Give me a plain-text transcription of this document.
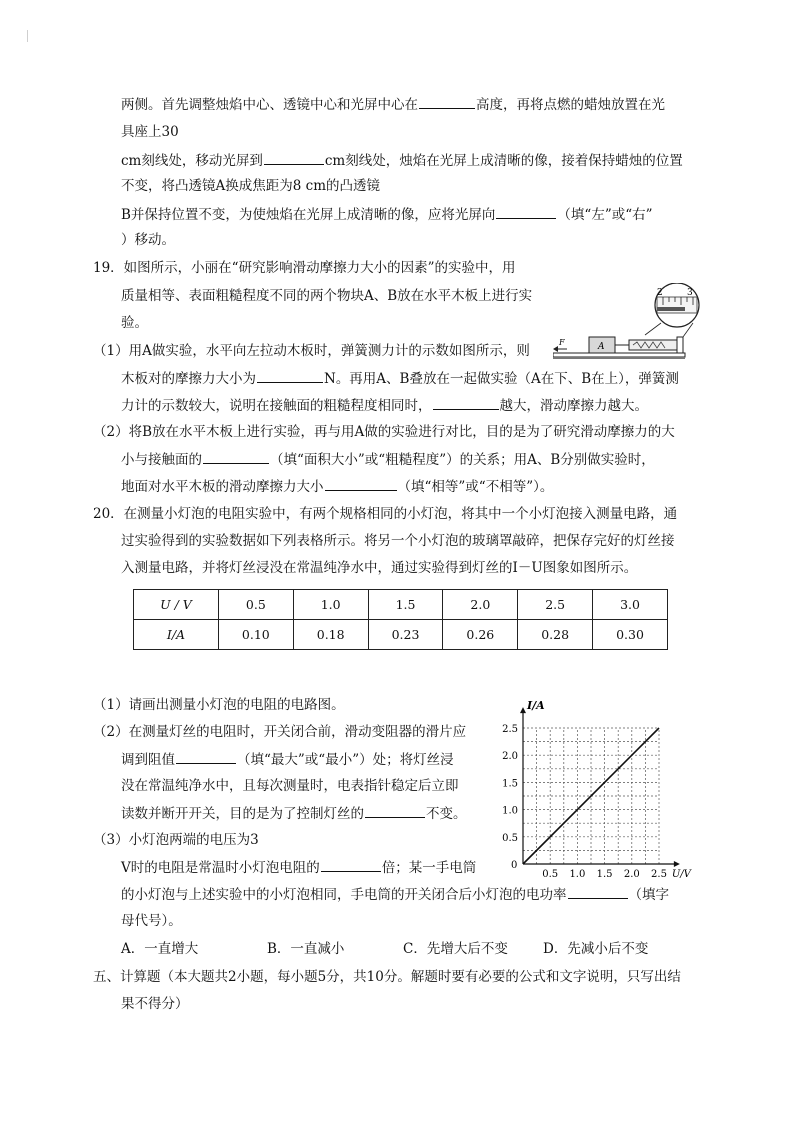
两侧。首先调整烛焰中心、透镜中心和光屏中心在	高度，再将点燃的蜡烛放置在光
具座上30
cm刻线处，移动光屏到	cm刻线处，烛焰在光屏上成清晰的像，接着保持蜡烛的位置
不变，将凸透镜A换成焦距为8 cm的凸透镜
B并保持位置不变，为使烛焰在光屏上成清晰的像，应将光屏向	（填“左”或“右”
）移动。
19．如图所示，小丽在“研究影响滑动摩擦力大小的因素”的实验中，用
质量相等、表面粗糙程度不同的两个物块A、B放在水平木板上进行实
验。
2	3
F	A
（1）用A做实验，水平向左拉动木板时，弹簧测力计的示数如图所示，则
木板对的摩擦力大小为	N。再用A、B叠放在一起做实验（A在下、B在上），弹簧测
力计的示数较大，说明在接触面的粗糙程度相同时，	越大，滑动摩擦力越大。
（2）将B放在水平木板上进行实验，再与用A做的实验进行对比，目的是为了研究滑动摩擦力的大
小与接触面的	（填“面积大小”或“粗糙程度”）的关系；用A、B分别做实验时，
地面对水平木板的滑动摩擦力大小	（填“相等”或“不相等”）。
20．在测量小灯泡的电阻实验中，有两个规格相同的小灯泡，将其中一个小灯泡接入测量电路，通
过实验得到的实验数据如下列表格所示。将另一个小灯泡的玻璃罩敲碎，把保存完好的灯丝接
入测量电路，并将灯丝浸没在常温纯净水中，通过实验得到灯丝的I－U图象如图所示。
U / V	0.5	1.0	1.5	2.0	2.5	3.0
I/A	0.10	0.18	0.23	0.26	0.28	0.30
（1）请画出测量小灯泡的电阻的电路图。
（2）在测量灯丝的电阻时，开关闭合前，滑动变阻器的滑片应
调到阻值	（填“最大”或“最小”）处；将灯丝浸
没在常温纯净水中，且每次测量时，电表指针稳定后立即
读数并断开开关，目的是为了控制灯丝的	不变。
（3）小灯泡两端的电压为3
V时的电阻是常温时小灯泡电阻的	倍；某一手电筒
的小灯泡与上述实验中的小灯泡相同，手电筒的开关闭合后小灯泡的电功率	（填字
母代号）。
A．一直增大	B．一直减小	C．先增大后不变	D．先减小后不变
五、计算题（本大题共2小题，每小题5分，共10分。解题时要有必要的公式和文字说明，只写出结
果不得分）
0.5 1.0 1.5 2.0 2.5
0.5
1.0
1.5
2.0
2.5
I/A
U/V
0
